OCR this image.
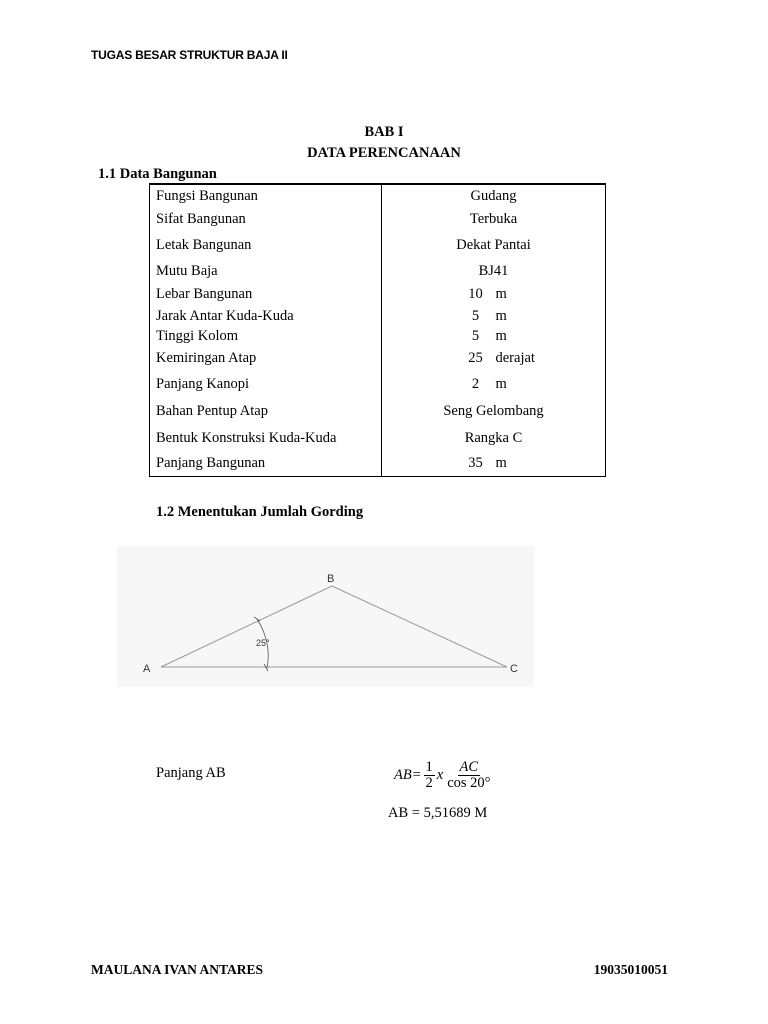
TUGAS BESAR STRUKTUR BAJA II
BAB I
DATA PERENCANAAN
1.1 Data Bangunan
Fungsi Bangunan	Gudang
Sifat Bangunan	Terbuka
Letak Bangunan	Dekat Pantai
Mutu Baja	BJ41
Lebar Bangunan	10 m
Jarak Antar Kuda-Kuda	5 m
Tinggi Kolom	5 m
Kemiringan Atap	25 derajat
Panjang Kanopi	2 m
Bahan Pentup Atap	Seng Gelombang
Bentuk Konstruksi Kuda-Kuda	Rangka C
Panjang Bangunan	35 m
1.2 Menentukan Jumlah Gording
25°
A
B
C
Panjang AB	$AB= \frac{1}{2}$ x $\frac{AC}{\cos 20^\circ}$
AB = 5,51689 M
MAULANA IVAN ANTARES	19035010051
